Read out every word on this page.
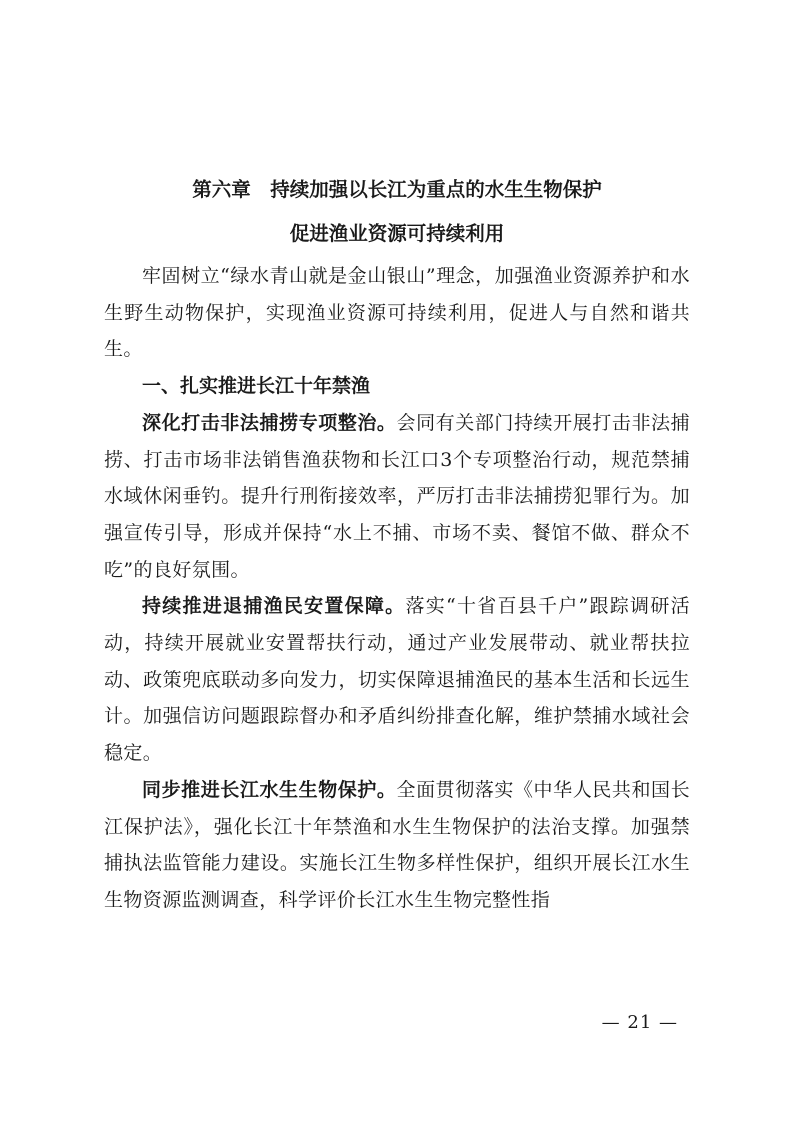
第六章　持续加强以长江为重点的水生生物保护
促进渔业资源可持续利用

牢固树立“绿水青山就是金山银山”理念，加强渔业资源养护和水生野生动物保护，实现渔业资源可持续利用，促进人与自然和谐共生。

一、扎实推进长江十年禁渔

深化打击非法捕捞专项整治。会同有关部门持续开展打击非法捕捞、打击市场非法销售渔获物和长江口3个专项整治行动，规范禁捕水域休闲垂钓。提升行刑衔接效率，严厉打击非法捕捞犯罪行为。加强宣传引导，形成并保持“水上不捕、市场不卖、餐馆不做、群众不吃”的良好氛围。

持续推进退捕渔民安置保障。落实“十省百县千户”跟踪调研活动，持续开展就业安置帮扶行动，通过产业发展带动、就业帮扶拉动、政策兜底联动多向发力，切实保障退捕渔民的基本生活和长远生计。加强信访问题跟踪督办和矛盾纠纷排查化解，维护禁捕水域社会稳定。

同步推进长江水生生物保护。全面贯彻落实《中华人民共和国长江保护法》，强化长江十年禁渔和水生生物保护的法治支撑。加强禁捕执法监管能力建设。实施长江生物多样性保护，组织开展长江水生生物资源监测调查，科学评价长江水生生物完整性指

— 21 —
